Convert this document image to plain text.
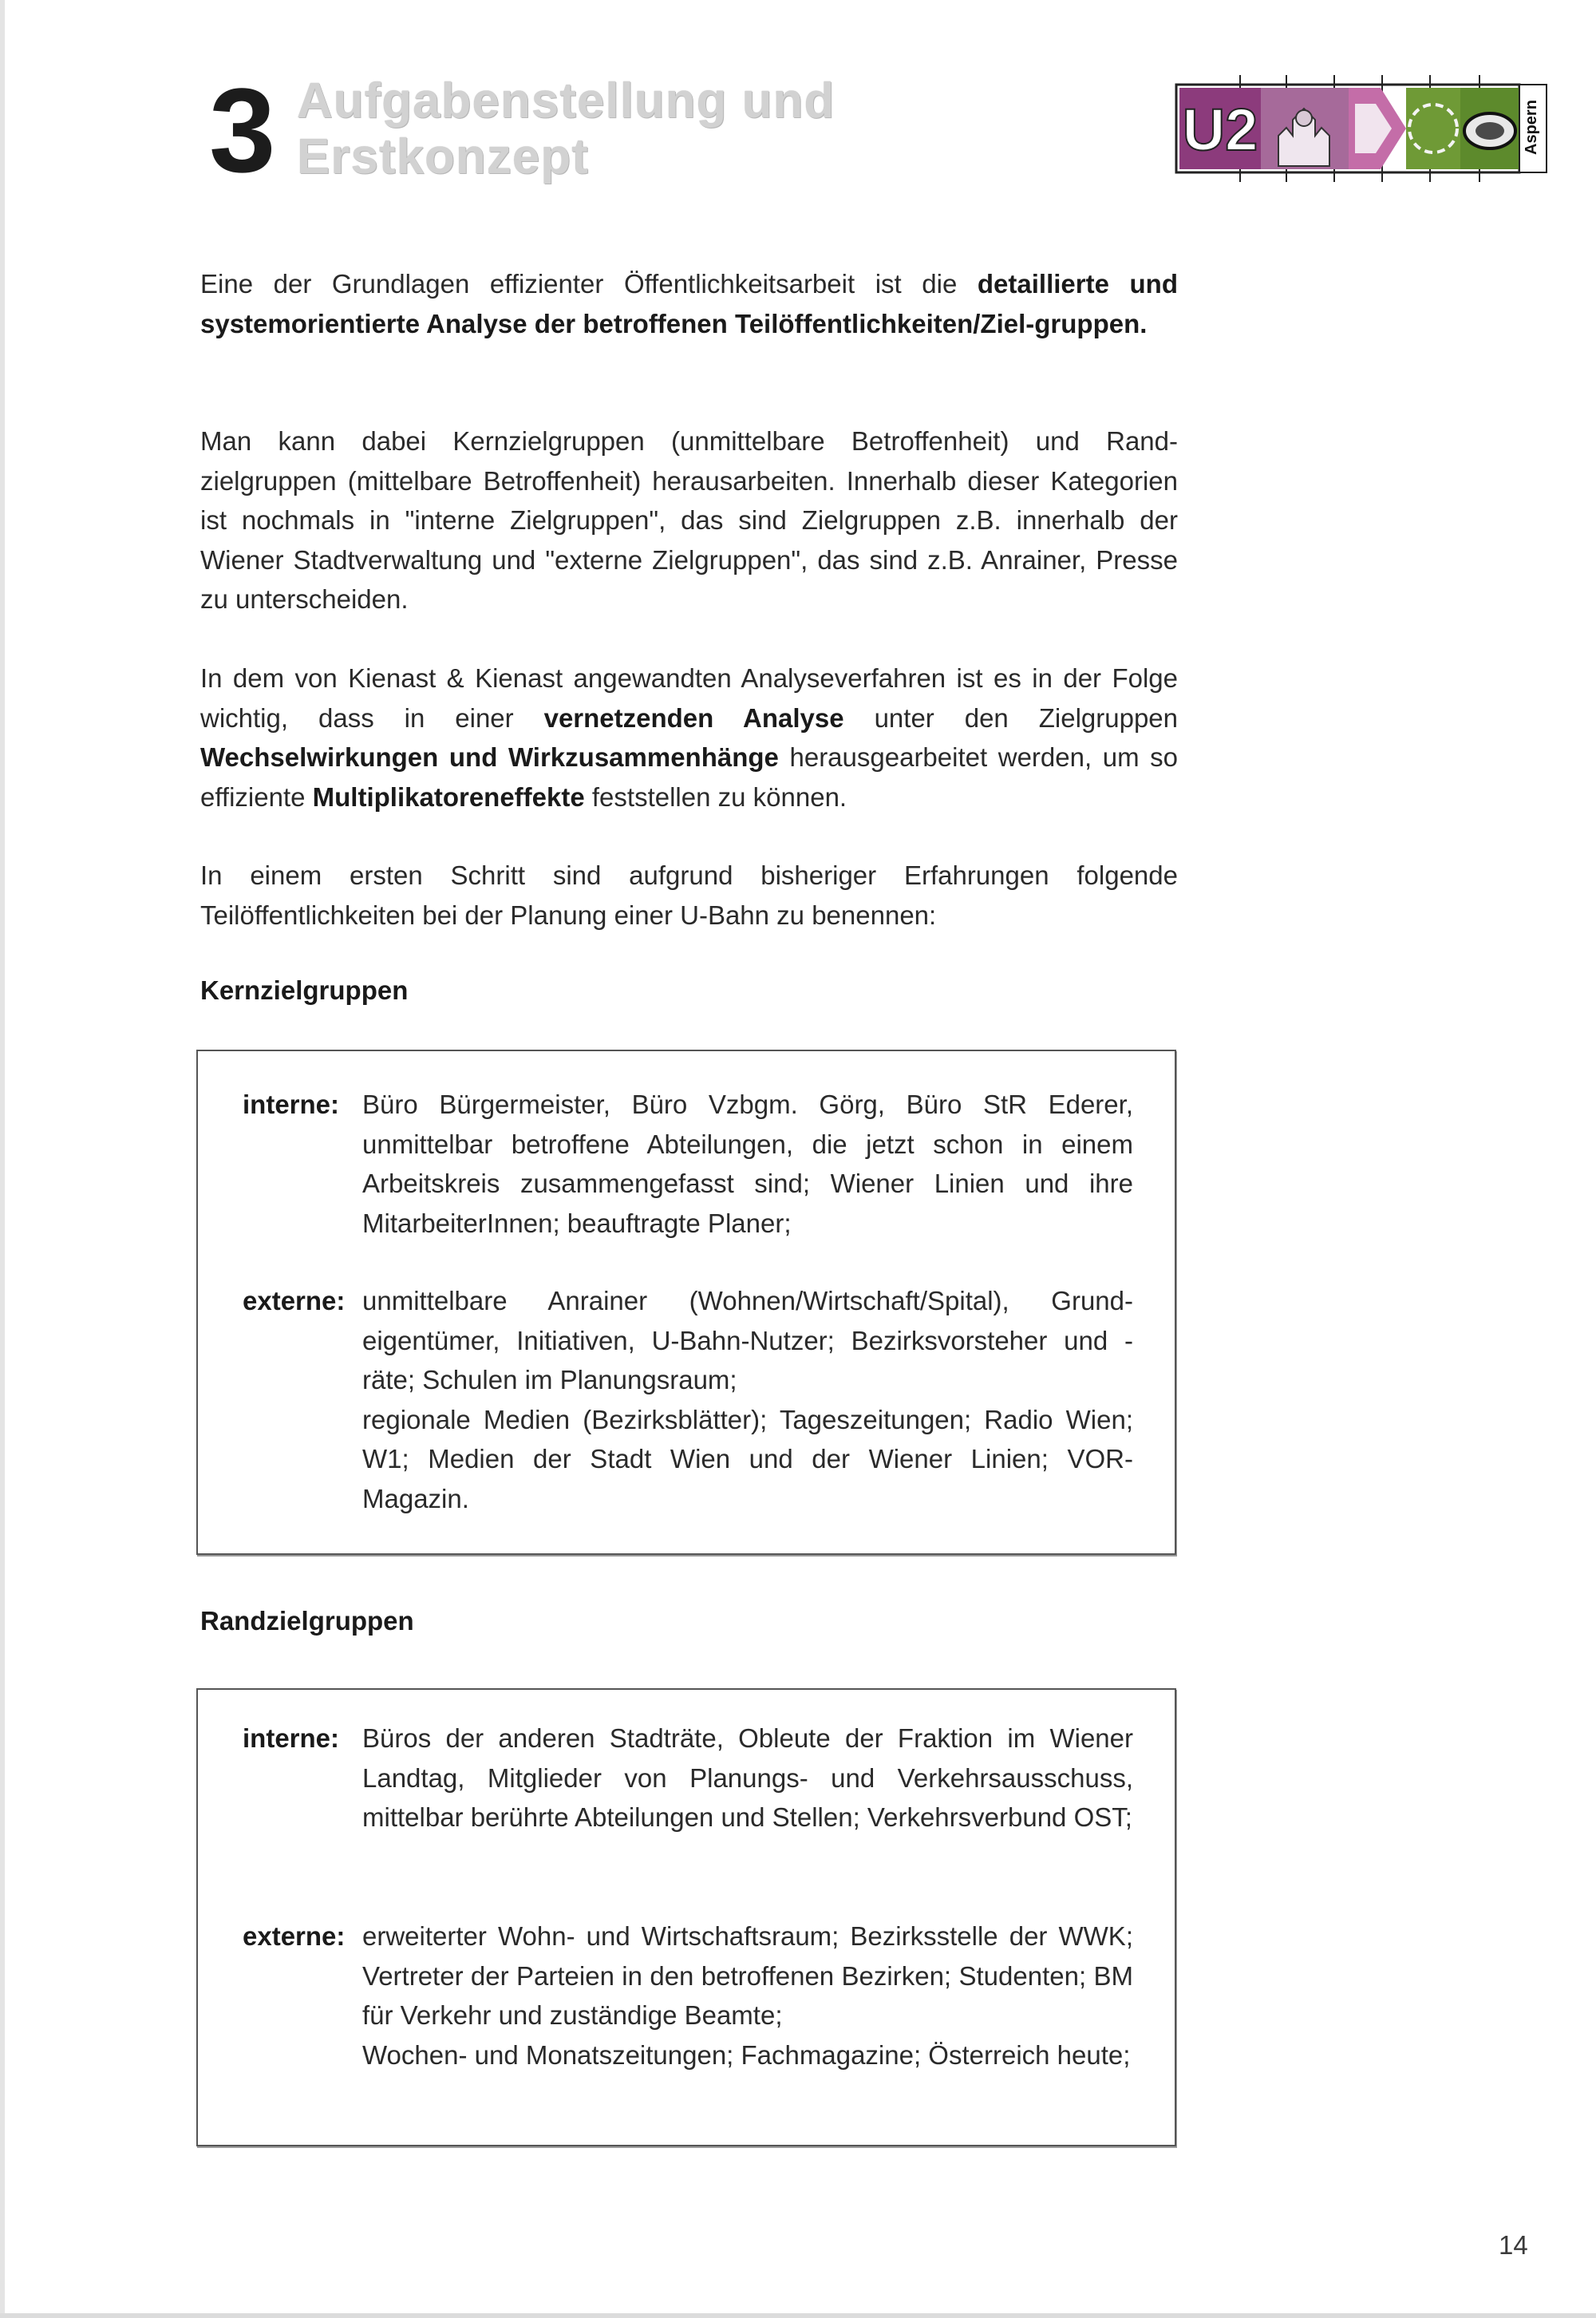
3 Aufgabenstellung und
Erstkonzept	U2	Aspern
Eine der Grundlagen effizienter Öffentlichkeitsarbeit ist die detaillierte und systemorientierte Analyse der betroffenen Teilöffentlichkeiten/Ziel-gruppen.
Man kann dabei Kernzielgruppen (unmittelbare Betroffenheit) und Rand-zielgruppen (mittelbare Betroffenheit) herausarbeiten. Innerhalb dieser Kategorien ist nochmals in "interne Zielgruppen", das sind Zielgruppen z.B. innerhalb der Wiener Stadtverwaltung und "externe Zielgruppen", das sind z.B. Anrainer, Presse zu unterscheiden.
In dem von Kienast & Kienast angewandten Analyseverfahren ist es in der Folge wichtig, dass in einer vernetzenden Analyse unter den Zielgruppen Wechselwirkungen und Wirkzusammenhänge herausgearbeitet werden, um so effiziente Multiplikatoreneffekte feststellen zu können.
In einem ersten Schritt sind aufgrund bisheriger Erfahrungen folgende Teilöffentlichkeiten bei der Planung einer U-Bahn zu benennen:
Kernzielgruppen
interne: Büro Bürgermeister, Büro Vzbgm. Görg, Büro StR Ederer, unmittelbar betroffene Abteilungen, die jetzt schon in einem Arbeitskreis zusammengefasst sind; Wiener Linien und ihre MitarbeiterInnen; beauftragte Planer;
externe: unmittelbare Anrainer (Wohnen/Wirtschaft/Spital), Grund-eigentümer, Initiativen, U-Bahn-Nutzer; Bezirksvorsteher und -räte; Schulen im Planungsraum;
regionale Medien (Bezirksblätter); Tageszeitungen; Radio Wien; W1; Medien der Stadt Wien und der Wiener Linien; VOR-Magazin.
Randzielgruppen
interne: Büros der anderen Stadträte, Obleute der Fraktion im Wiener Landtag, Mitglieder von Planungs- und Verkehrsausschuss, mittelbar berührte Abteilungen und Stellen; Verkehrsverbund OST;
externe: erweiterter Wohn- und Wirtschaftsraum; Bezirksstelle der WWK; Vertreter der Parteien in den betroffenen Bezirken; Studenten; BM für Verkehr und zuständige Beamte;
Wochen- und Monatszeitungen; Fachmagazine; Österreich heute;
14
